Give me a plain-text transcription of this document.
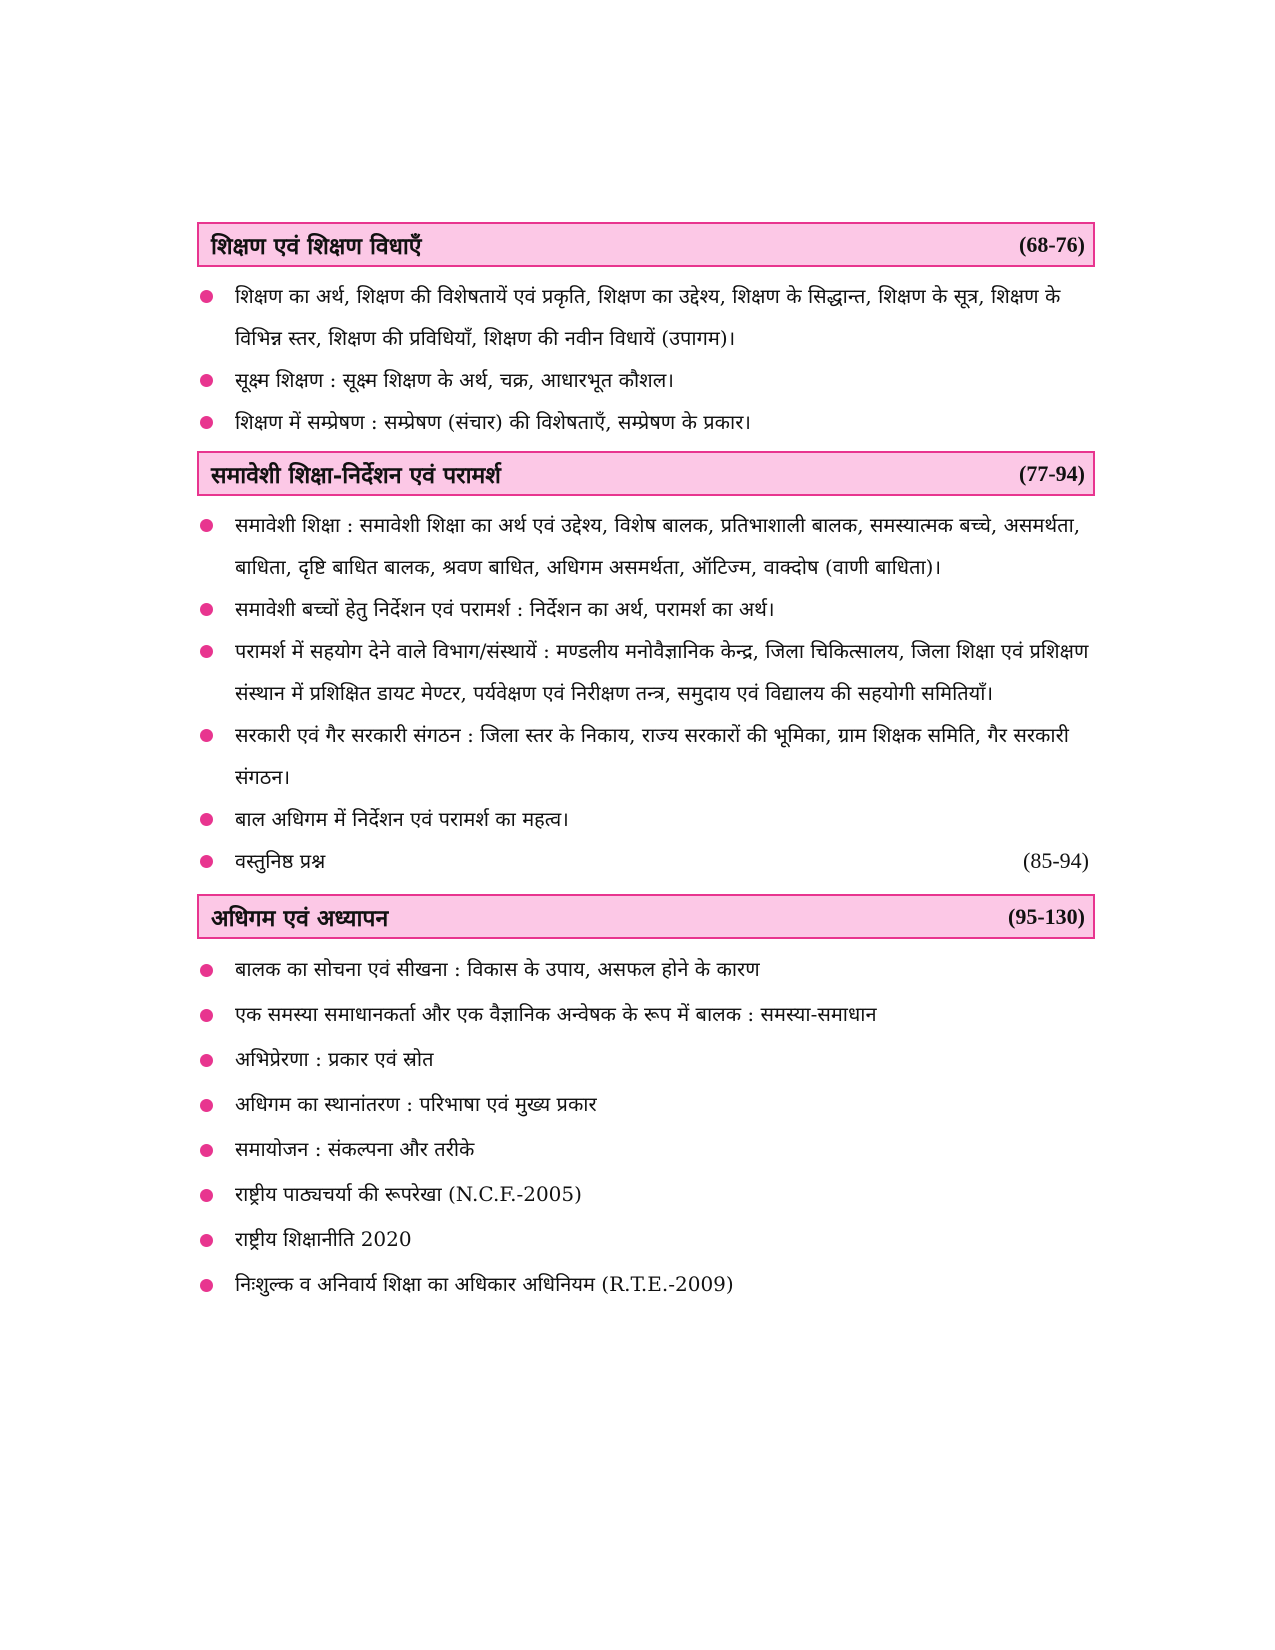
शिक्षण एवं शिक्षण विधाएँ	(68-76)
शिक्षण का अर्थ, शिक्षण की विशेषतायें एवं प्रकृति, शिक्षण का उद्देश्य, शिक्षण के सिद्धान्त, शिक्षण के सूत्र, शिक्षण के विभिन्न स्तर, शिक्षण की प्रविधियाँ, शिक्षण की नवीन विधायें (उपागम)।
सूक्ष्म शिक्षण : सूक्ष्म शिक्षण के अर्थ, चक्र, आधारभूत कौशल।
शिक्षण में सम्प्रेषण : सम्प्रेषण (संचार) की विशेषताएँ, सम्प्रेषण के प्रकार।
समावेशी शिक्षा-निर्देशन एवं परामर्श	(77-94)
समावेशी शिक्षा : समावेशी शिक्षा का अर्थ एवं उद्देश्य, विशेष बालक, प्रतिभाशाली बालक, समस्यात्मक बच्चे, असमर्थता, बाधिता, दृष्टि बाधित बालक, श्रवण बाधित, अधिगम असमर्थता, ऑटिज्म, वाक्दोष (वाणी बाधिता)।
समावेशी बच्चों हेतु निर्देशन एवं परामर्श : निर्देशन का अर्थ, परामर्श का अर्थ।
परामर्श में सहयोग देने वाले विभाग/संस्थायें : मण्डलीय मनोवैज्ञानिक केन्द्र, जिला चिकित्सालय, जिला शिक्षा एवं प्रशिक्षण संस्थान में प्रशिक्षित डायट मेण्टर, पर्यवेक्षण एवं निरीक्षण तन्त्र, समुदाय एवं विद्यालय की सहयोगी समितियाँ।
सरकारी एवं गैर सरकारी संगठन : जिला स्तर के निकाय, राज्य सरकारों की भूमिका, ग्राम शिक्षक समिति, गैर सरकारी संगठन।
बाल अधिगम में निर्देशन एवं परामर्श का महत्व।
वस्तुनिष्ठ प्रश्न	(85-94)
अधिगम एवं अध्यापन	(95-130)
बालक का सोचना एवं सीखना : विकास के उपाय, असफल होने के कारण
एक समस्या समाधानकर्ता और एक वैज्ञानिक अन्वेषक के रूप में बालक : समस्या-समाधान
अभिप्रेरणा : प्रकार एवं स्रोत
अधिगम का स्थानांतरण : परिभाषा एवं मुख्य प्रकार
समायोजन : संकल्पना और तरीके
राष्ट्रीय पाठ्यचर्या की रूपरेखा (N.C.F.-2005)
राष्ट्रीय शिक्षानीति 2020
निःशुल्क व अनिवार्य शिक्षा का अधिकार अधिनियम (R.T.E.-2009)
